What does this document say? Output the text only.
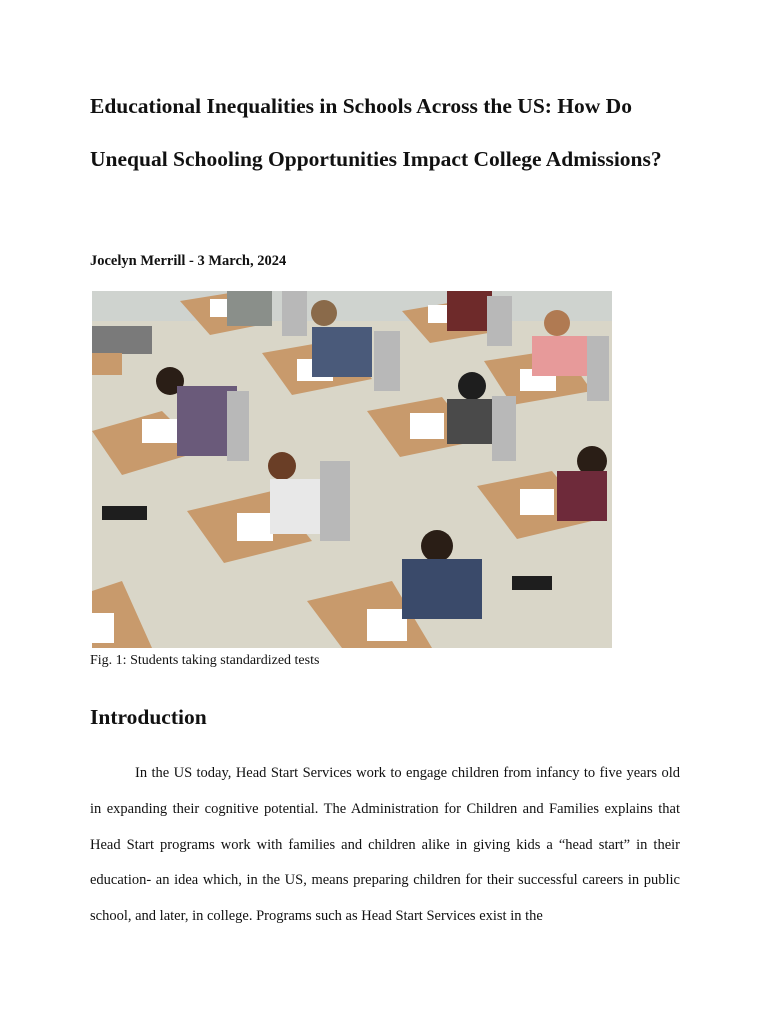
Educational Inequalities in Schools Across the US: How Do Unequal Schooling Opportunities Impact College Admissions?

Jocelyn Merrill - 3 March, 2024

Fig. 1: Students taking standardized tests

Introduction

In the US today, Head Start Services work to engage children from infancy to five years old in expanding their cognitive potential. The Administration for Children and Families explains that Head Start programs work with families and children alike in giving kids a “head start” in their education- an idea which, in the US, means preparing children for their successful careers in public school, and later, in college. Programs such as Head Start Services exist in the
